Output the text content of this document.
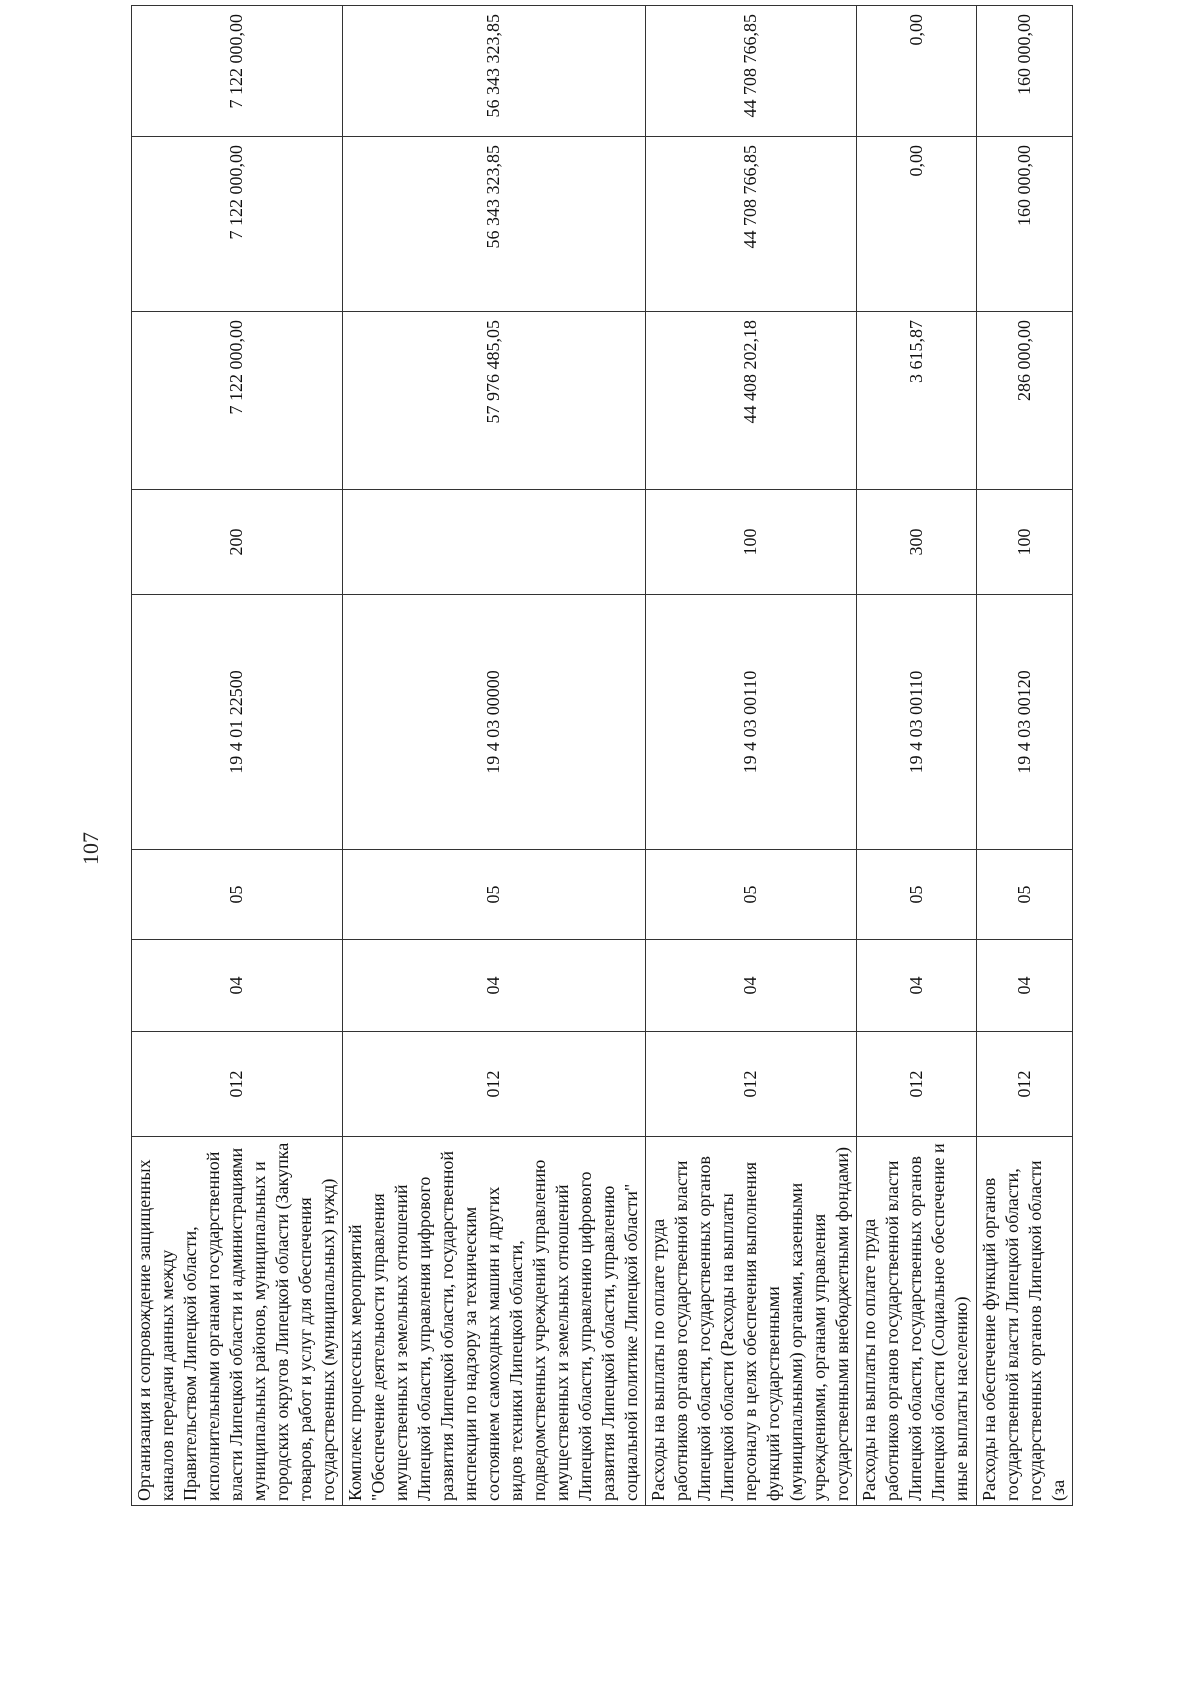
107
Организация и сопровождение защищенных каналов передачи данных между Правительством Липецкой области, исполнительными органами государственной власти Липецкой области и администрациями муниципальных районов, муниципальных и городских округов Липецкой области (Закупка товаров, работ и услуг для обеспечения государственных (муниципальных) нужд)	012	04	05	19 4 01 22500	200	7 122 000,00	7 122 000,00	7 122 000,00
Комплекс процессных мероприятий "Обеспечение деятельности управления имущественных и земельных отношений Липецкой области, управления цифрового развития Липецкой области, государственной инспекции по надзору за техническим состоянием самоходных машин и других видов техники Липецкой области, подведомственных учреждений управлению имущественных и земельных отношений Липецкой области, управлению цифрового развития Липецкой области, управлению социальной политике Липецкой области"	012	04	05	19 4 03 00000		57 976 485,05	56 343 323,85	56 343 323,85
Расходы на выплаты по оплате труда работников органов государственной власти Липецкой области, государственных органов Липецкой области (Расходы на выплаты персоналу в целях обеспечения выполнения функций государственными (муниципальными) органами, казенными учреждениями, органами управления государственными внебюджетными фондами)	012	04	05	19 4 03 00110	100	44 408 202,18	44 708 766,85	44 708 766,85
Расходы на выплаты по оплате труда работников органов государственной власти Липецкой области, государственных органов Липецкой области (Социальное обеспечение и иные выплаты населению)	012	04	05	19 4 03 00110	300	3 615,87	0,00	0,00
Расходы на обеспечение функций органов государственной власти Липецкой области, государственных органов Липецкой области (за	012	04	05	19 4 03 00120	100	286 000,00	160 000,00	160 000,00
